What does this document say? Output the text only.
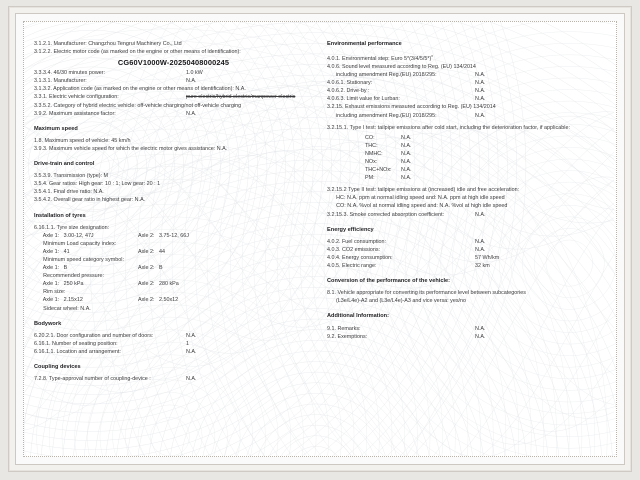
3.1.2.1. Manufacturer: Changzhou Tengrui Machinery Co., Ltd
3.1.2.2. Electric motor code (as marked on the engine or other means of identification):
CG60V1000W-20250408000245
3.3.3.4. 46/30 minutes power:	1.0 kW
3.1.3.1. Manufacturer:	N.A.
3.1.3.2. Application code (as marked on the engine or other means of identification): N.A.
3.3.1. Electric vehicle configuration:	pure electric/hybrid electric/manpower electric
3.3.5.2. Category of hybrid electric vehicle: off-vehicle charging/not off-vehicle charging
3.9.2. Maximum assistance factor:	N.A.
Maximum speed
1.8. Maximum speed of vehicle: 45 km/h
3.9.3. Maximum vehicle speed for which the electric motor gives assistance: N.A.
Drive-train and control
3.5.3.9. Transmission (type): M
3.5.4. Gear ratios: High gear: 10 : 1; Low gear: 20 : 1
3.5.4.1. Final drive ratio: N.A.
3.5.4.2. Overall gear ratio in highest gear: N.A.
Installation of tyres
6.16.1.1. Tyre size designation:
Axle 1:   3.00-12, 47J	Axle 2:   3.75-12, 66J
Minimum Load capacity index:
Axle 1:   41	Axle 2:   44
Minimum speed category symbol:
Axle 1:   B	Axle 2:   B
Recommended pressure:
Axle 1:   250 kPa	Axle 2:   280 kPa
Rim size:
Axle 1:   2.15x12	Axle 2:   2.50x12
Sidecar wheel: N.A.
Bodywork
6.20.2.1. Door configuration and number of doors:	N.A.
6.16.1. Number of seating position:	1
6.16.1.1. Location and arrangement:	N.A.
Coupling devices
7.2.8. Type-approval number of coupling-device :	N.A.
Environmental performance
4.0.1. Environmental step: Euro $5*(3/4/5/5*)^x$
4.0.6. Sound level measured according to Reg. (EU) 134/2014
including amendment Reg.(EU) 2018/295:	N.A.
4.0.6.1. Stationary:	N.A.
4.0.6.2. Drive-by :	N.A.
4.0.6.3. Limit value for Lurban:	N.A.
3.2.15. Exhaust emissions measured according to Reg. (EU) 134/2014
including amendment Reg.(EU) 2018/295:	N.A.
3.2.15.1. Type I test: tailpipe emissions after cold start, including the deterioration factor, if applicable:
CO:	N.A.
THC:	N.A.
NMHC:	N.A.
NOx:	N.A.
THC+NOx:	N.A.
PM:	N.A.
3.2.15.2 Type II test: tailpipe emissions at (increased) idle and free acceleration:
HC: N.A. ppm at normal idling speed and: N.A. ppm at high idle speed
CO: N.A. %vol at normal idling speed and: N.A. %vol at high idle speed
3.2.15.3. Smoke corrected absorption coefficient:	N.A.
Energy efficiency
4.0.2. Fuel consumption:	N.A.
4.0.3. CO2 emissions:	N.A.
4.0.4. Energy consumption:	57 Wh/km
4.0.5. Electric range:	32 km
Conversion of the performance of the vehicle:
8.1. Vehicle appropriate for converting its performance level between subcategories
(L3e/L4e)-A2 and (L3e/L4e)-A3 and vice versa: yes/no
Additional Information:
9.1. Remarks:	N.A.
9.2. Exemptions:	N.A.
